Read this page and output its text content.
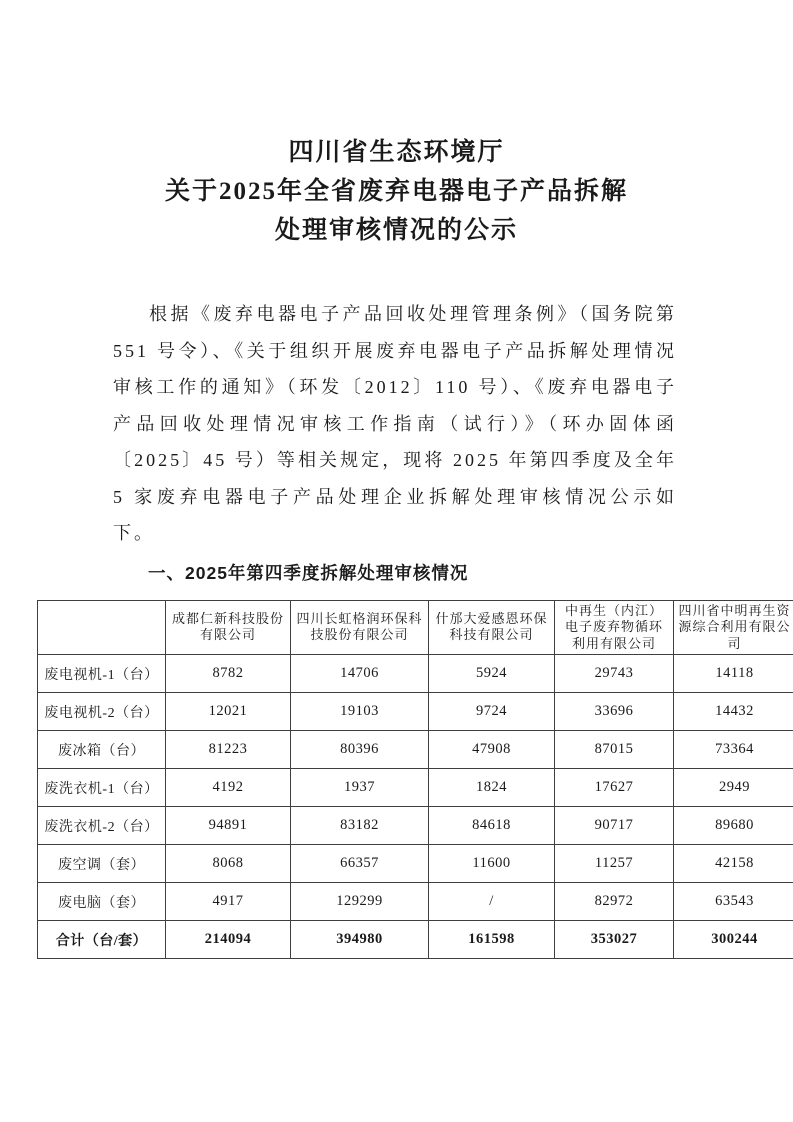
四川省生态环境厅
关于2025年全省废弃电器电子产品拆解
处理审核情况的公示

根据《废弃电器电子产品回收处理管理条例》（国务院第 551 号令）、《关于组织开展废弃电器电子产品拆解处理情况审核工作的通知》（环发〔2012〕110 号）、《废弃电器电子产品回收处理情况审核工作指南（试行）》（环办固体函〔2025〕45 号）等相关规定，现将 2025 年第四季度及全年 5 家废弃电器电子产品处理企业拆解处理审核情况公示如下。

一、2025年第四季度拆解处理审核情况
	成都仁新科技股份有限公司	四川长虹格润环保科技股份有限公司	什邡大爱感恩环保科技有限公司	中再生（内江）电子废弃物循环利用有限公司	四川省中明再生资源综合利用有限公司
废电视机-1（台）	8782	14706	5924	29743	14118
废电视机-2（台）	12021	19103	9724	33696	14432
废冰箱（台）	81223	80396	47908	87015	73364
废洗衣机-1（台）	4192	1937	1824	17627	2949
废洗衣机-2（台）	94891	83182	84618	90717	89680
废空调（套）	8068	66357	11600	11257	42158
废电脑（套）	4917	129299	/	82972	63543
合计（台/套）	214094	394980	161598	353027	300244
